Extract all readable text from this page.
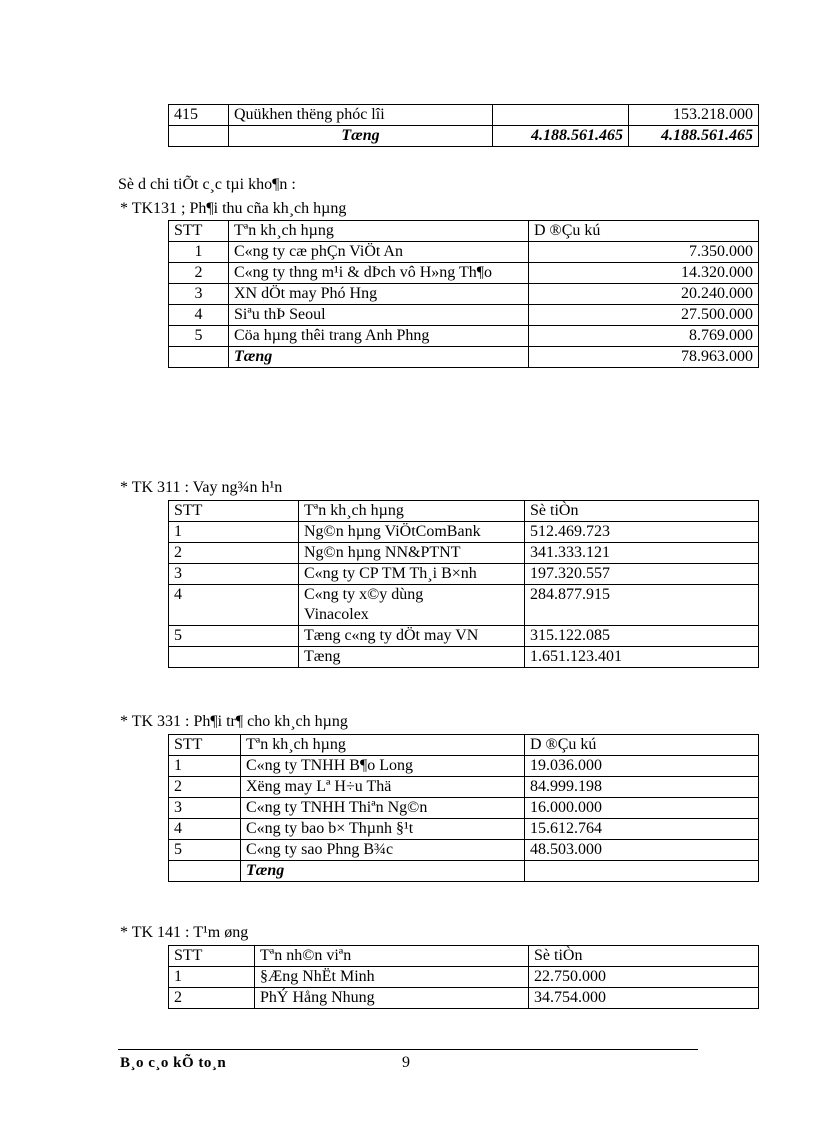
415	Quükhen thëng phóc lîi		153.218.000
	Tæng	4.188.561.465	4.188.561.465
Sè d chi tiÕt c¸c tµi kho¶n :
* TK131 ; Ph¶i thu cña kh¸ch hµng
STT	Tªn kh¸ch hµng	D ®Çu kú
1	C«ng ty cæ phÇn ViÖt An	7.350.000
2	C«ng ty thng m¹i & dÞch vô H»ng Th¶o	14.320.000
3	XN dÖt may Phó Hng	20.240.000
4	Siªu thÞ Seoul	27.500.000
5	Cöa hµng thêi trang Anh Phng	8.769.000
	Tæng	78.963.000
* TK 311 : Vay ng¾n h¹n
STT	Tªn kh¸ch hµng	Sè tiÒn
1	Ng©n hµng ViÖtComBank	512.469.723
2	Ng©n hµng NN&PTNT	341.333.121
3	C«ng ty CP TM Th¸i B×nh	197.320.557
4	C«ng ty x©y dùng Vinacolex	284.877.915
5	Tæng c«ng ty dÖt may VN	315.122.085
	Tæng	1.651.123.401
* TK 331 : Ph¶i tr¶ cho kh¸ch hµng
STT	Tªn kh¸ch hµng	D ®Çu kú
1	C«ng ty TNHH B¶o Long	19.036.000
2	Xëng may Lª H÷u Thä	84.999.198
3	C«ng ty TNHH Thiªn Ng©n	16.000.000
4	C«ng ty bao b× Thµnh §¹t	15.612.764
5	C«ng ty sao Phng B¾c	48.503.000
	Tæng	
* TK 141 : T¹m øng
STT	Tªn nh©n viªn	Sè tiÒn
1	§Æng NhËt Minh	22.750.000
2	PhÝ Hång Nhung	34.754.000
B¸o c¸o kÕ to¸n	9
